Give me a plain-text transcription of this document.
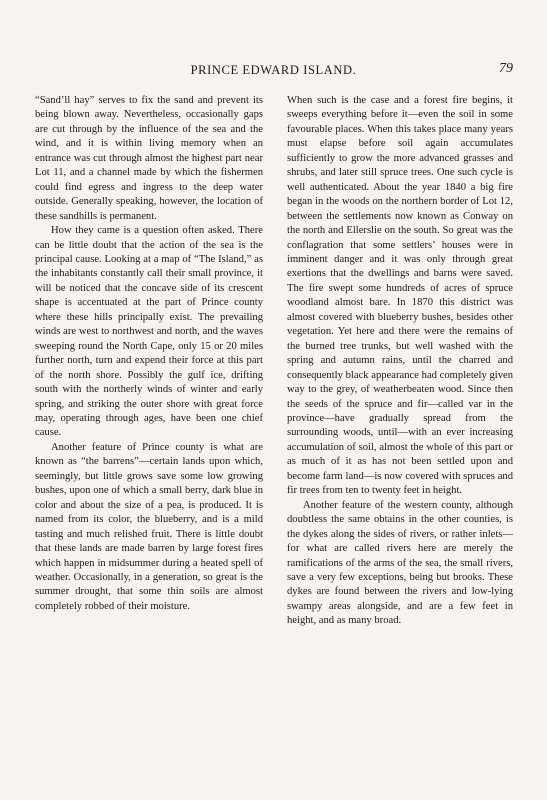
PRINCE EDWARD ISLAND.	79

“Sand’ll hay” serves to fix the sand and prevent its being blown away. Nevertheless, occasionally gaps are cut through by the influence of the sea and the wind, and it is within living memory when an entrance was cut through almost the highest part near Lot 11, and a channel made by which the fishermen could find egress and ingress to the deep water outside. Generally speaking, however, the location of these sandhills is permanent.

How they came is a question often asked. There can be little doubt that the action of the sea is the principal cause. Looking at a map of “The Island,” as the inhabitants constantly call their small province, it will be noticed that the concave side of its crescent shape is accentuated at the part of Prince county where these hills principally exist. The prevailing winds are west to northwest and north, and the waves sweeping round the North Cape, only 15 or 20 miles further north, turn and expend their force at this part of the north shore. Possibly the gulf ice, drifting south with the northerly winds of winter and early spring, and striking the outer shore with great force may, operating through ages, have been one chief cause.

Another feature of Prince county is what are known as “the barrens”—certain lands upon which, seemingly, but little grows save some low growing bushes, upon one of which a small berry, dark blue in color and about the size of a pea, is produced. It is named from its color, the blueberry, and is a mild tasting and much relished fruit. There is little doubt that these lands are made barren by large forest fires which happen in midsummer during a heated spell of weather. Occasionally, in a generation, so great is the summer drought, that some thin soils are almost completely robbed of their moisture.

When such is the case and a forest fire begins, it sweeps everything before it—even the soil in some favourable places. When this takes place many years must elapse before soil again accumulates sufficiently to grow the more advanced grasses and shrubs, and later still spruce trees. One such cycle is well authenticated. About the year 1840 a big fire began in the woods on the northern border of Lot 12, between the settlements now known as Conway on the north and Ellerslie on the south. So great was the conflagration that some settlers’ houses were in imminent danger and it was only through great exertions that the dwellings and barns were saved. The fire swept some hundreds of acres of spruce woodland almost bare. In 1870 this district was almost covered with blueberry bushes, besides other vegetation. Yet here and there were the remains of the burned tree trunks, but well washed with the spring and autumn rains, until the charred and consequently black appearance had completely given way to the grey, of weatherbeaten wood. Since then the seeds of the spruce and fir—called var in the province—have gradually spread from the surrounding woods, until—with an ever increasing accumulation of soil, almost the whole of this part or as much of it as has not been settled upon and become farm land—is now covered with spruces and fir trees from ten to twenty feet in height.

Another feature of the western county, although doubtless the same obtains in the other counties, is the dykes along the sides of rivers, or rather inlets—for what are called rivers here are merely the ramifications of the arms of the sea, the small rivers, save a very few exceptions, being but brooks. These dykes are found between the rivers and low-lying swampy areas alongside, and are a few feet in height, and as many broad.
